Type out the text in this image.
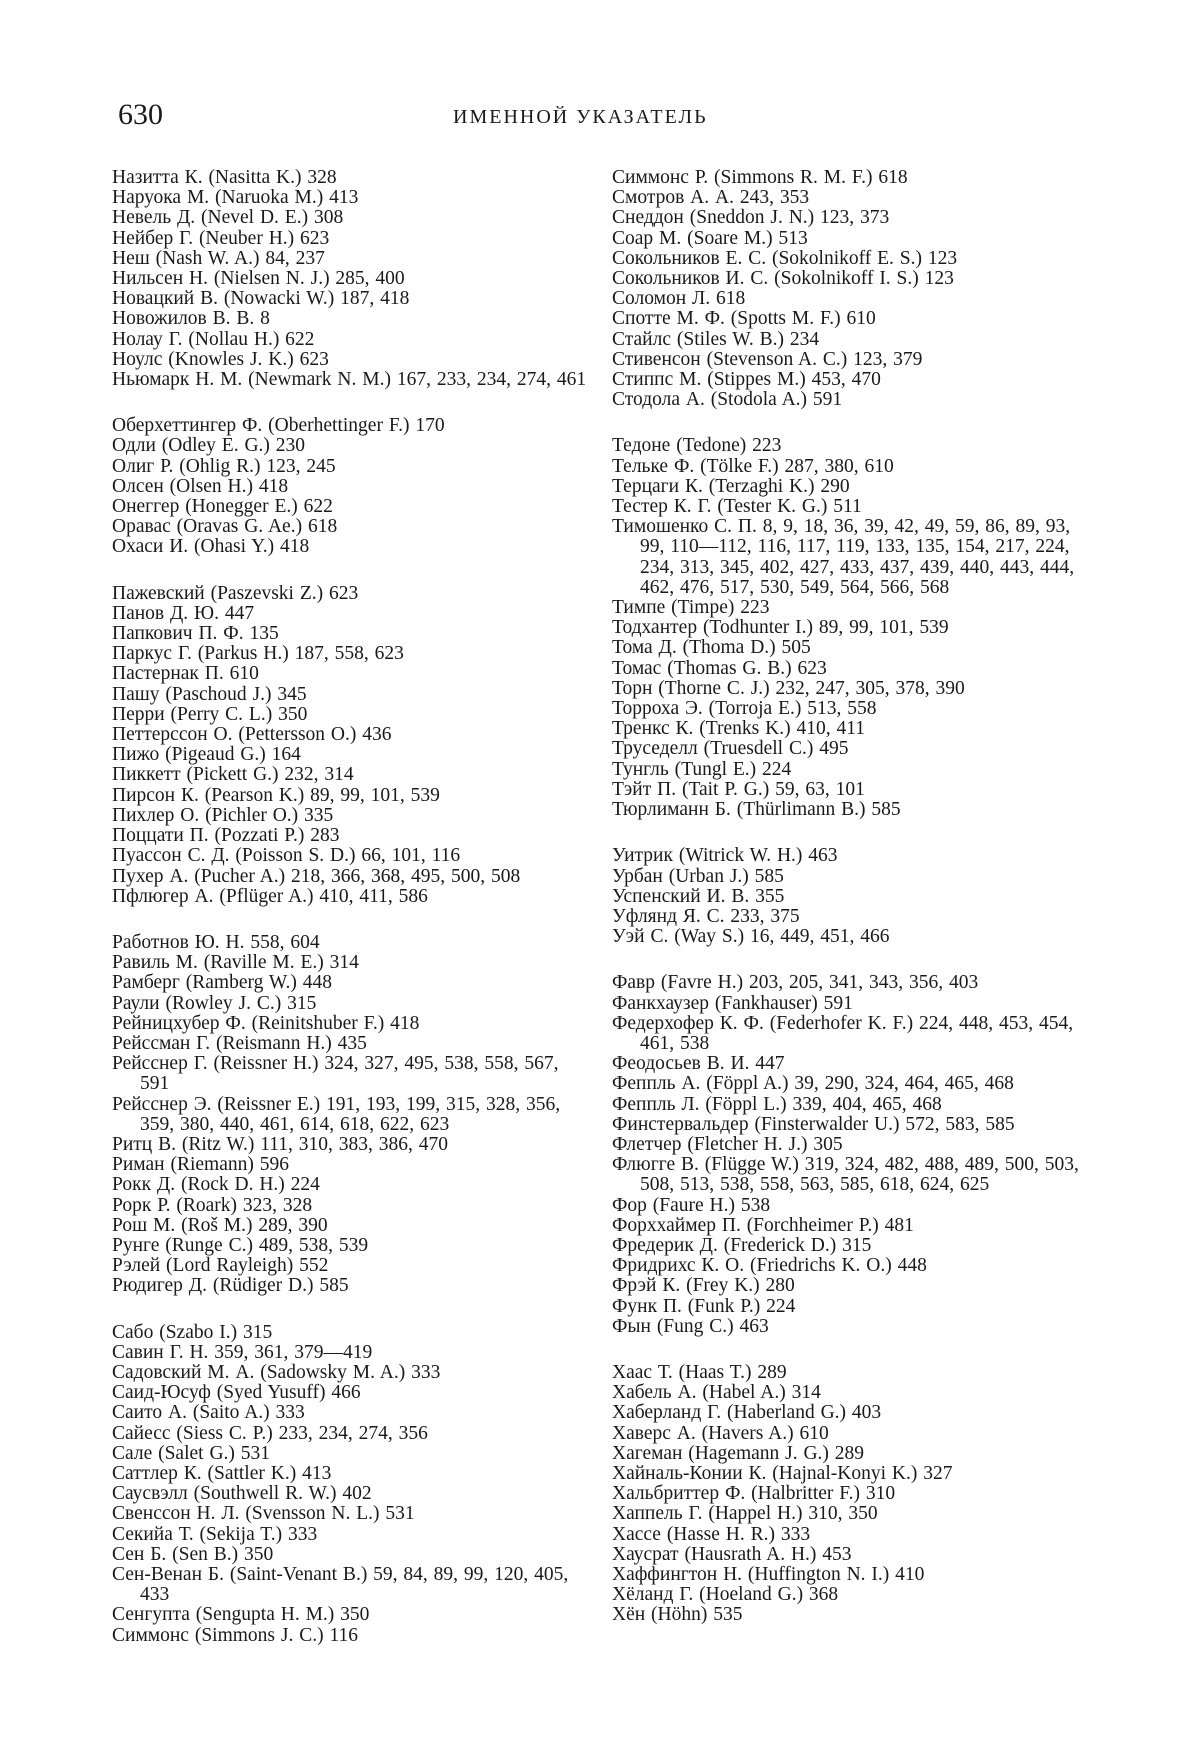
630	ИМЕННОЙ УКАЗАТЕЛЬ
Назитта К. (Nasitta K.) 328
Наруока М. (Naruoka M.) 413
Невель Д. (Nevel D. E.) 308
Нейбер Г. (Neuber H.) 623
Неш (Nash W. A.) 84, 237
Нильсен Н. (Nielsen N. J.) 285, 400
Новацкий В. (Nowacki W.) 187, 418
Новожилов В. В. 8
Нолау Г. (Nollau H.) 622
Ноулс (Knowles J. K.) 623
Ньюмарк Н. М. (Newmark N. M.) 167, 233, 234, 274, 461
Оберхеттингер Ф. (Oberhettinger F.) 170
Одли (Odley E. G.) 230
Олиг Р. (Ohlig R.) 123, 245
Олсен (Olsen H.) 418
Онеггер (Honegger E.) 622
Оравас (Oravas G. Ae.) 618
Охаси И. (Ohasi Y.) 418
Пажевский (Paszevski Z.) 623
Панов Д. Ю. 447
Папкович П. Ф. 135
Паркус Г. (Parkus H.) 187, 558, 623
Пастернак П. 610
Пашу (Paschoud J.) 345
Перри (Perry C. L.) 350
Петтерссон О. (Pettersson O.) 436
Пижо (Pigeaud G.) 164
Пиккетт (Pickett G.) 232, 314
Пирсон К. (Pearson K.) 89, 99, 101, 539
Пихлер О. (Pichler O.) 335
Поццати П. (Pozzati P.) 283
Пуассон С. Д. (Poisson S. D.) 66, 101, 116
Пухер А. (Pucher A.) 218, 366, 368, 495, 500, 508
Пфлюгер А. (Pflüger A.) 410, 411, 586
Работнов Ю. Н. 558, 604
Равиль М. (Raville M. E.) 314
Рамберг (Ramberg W.) 448
Раули (Rowley J. C.) 315
Рейницхубер Ф. (Reinitshuber F.) 418
Рейссман Г. (Reismann H.) 435
Рейсснер Г. (Reissner H.) 324, 327, 495, 538, 558, 567, 591
Рейсснер Э. (Reissner E.) 191, 193, 199, 315, 328, 356, 359, 380, 440, 461, 614, 618, 622, 623
Ритц В. (Ritz W.) 111, 310, 383, 386, 470
Риман (Riemann) 596
Рокк Д. (Rock D. H.) 224
Рорк Р. (Roark) 323, 328
Рош М. (Roš M.) 289, 390
Рунге (Runge C.) 489, 538, 539
Рэлей (Lord Rayleigh) 552
Рюдигер Д. (Rüdiger D.) 585
Сабо (Szabo I.) 315
Савин Г. Н. 359, 361, 379—419
Садовский М. А. (Sadowsky M. A.) 333
Саид-Юсуф (Syed Yusuff) 466
Саито А. (Saito A.) 333
Сайесс (Siess C. P.) 233, 234, 274, 356
Сале (Salet G.) 531
Саттлер К. (Sattler K.) 413
Саусвэлл (Southwell R. W.) 402
Свенссон Н. Л. (Svensson N. L.) 531
Секийа Т. (Sekija T.) 333
Сен Б. (Sen B.) 350
Сен-Венан Б. (Saint-Venant B.) 59, 84, 89, 99, 120, 405, 433
Сенгупта (Sengupta H. M.) 350
Симмонс (Simmons J. C.) 116
Симмонс Р. (Simmons R. M. F.) 618
Смотров А. А. 243, 353
Снеддон (Sneddon J. N.) 123, 373
Соар М. (Soare M.) 513
Сокольников Е. С. (Sokolnikoff E. S.) 123
Сокольников И. С. (Sokolnikoff I. S.) 123
Соломон Л. 618
Спотте М. Ф. (Spotts M. F.) 610
Стайлс (Stiles W. B.) 234
Стивенсон (Stevenson A. C.) 123, 379
Стиппс М. (Stippes M.) 453, 470
Стодола А. (Stodola A.) 591
Тедоне (Tedone) 223
Тельке Ф. (Tölke F.) 287, 380, 610
Терцаги К. (Terzaghi K.) 290
Тестер К. Г. (Tester K. G.) 511
Тимошенко С. П. 8, 9, 18, 36, 39, 42, 49, 59, 86, 89, 93, 99, 110—112, 116, 117, 119, 133, 135, 154, 217, 224, 234, 313, 345, 402, 427, 433, 437, 439, 440, 443, 444, 462, 476, 517, 530, 549, 564, 566, 568
Тимпе (Timpe) 223
Тодхантер (Todhunter I.) 89, 99, 101, 539
Тома Д. (Thoma D.) 505
Томас (Thomas G. B.) 623
Торн (Thorne C. J.) 232, 247, 305, 378, 390
Торроха Э. (Torroja E.) 513, 558
Тренкс К. (Trenks K.) 410, 411
Труседелл (Truesdell C.) 495
Тунгль (Tungl E.) 224
Тэйт П. (Tait P. G.) 59, 63, 101
Тюрлиманн Б. (Thürlimann B.) 585
Уитрик (Witrick W. H.) 463
Урбан (Urban J.) 585
Успенский И. В. 355
Уфлянд Я. С. 233, 375
Уэй С. (Way S.) 16, 449, 451, 466
Фавр (Favre H.) 203, 205, 341, 343, 356, 403
Фанкхаузер (Fankhauser) 591
Федерхофер К. Ф. (Federhofer K. F.) 224, 448, 453, 454, 461, 538
Феодосьев В. И. 447
Феппль А. (Föppl A.) 39, 290, 324, 464, 465, 468
Феппль Л. (Föppl L.) 339, 404, 465, 468
Финстервальдер (Finsterwalder U.) 572, 583, 585
Флетчер (Fletcher H. J.) 305
Флюгге В. (Flügge W.) 319, 324, 482, 488, 489, 500, 503, 508, 513, 538, 558, 563, 585, 618, 624, 625
Фор (Faure H.) 538
Форххаймер П. (Forchheimer P.) 481
Фредерик Д. (Frederick D.) 315
Фридрихс К. О. (Friedrichs K. O.) 448
Фрэй К. (Frey K.) 280
Функ П. (Funk P.) 224
Фын (Fung C.) 463
Хаас Т. (Haas T.) 289
Хабель А. (Habel A.) 314
Хаберланд Г. (Haberland G.) 403
Хаверс А. (Havers A.) 610
Хагеман (Hagemann J. G.) 289
Хайналь-Конии К. (Hajnal-Konyi K.) 327
Хальбриттер Ф. (Halbritter F.) 310
Хаппель Г. (Happel H.) 310, 350
Хассе (Hasse H. R.) 333
Хаусрат (Hausrath A. H.) 453
Хаффингтон Н. (Huffington N. I.) 410
Хёланд Г. (Hoeland G.) 368
Хён (Höhn) 535
